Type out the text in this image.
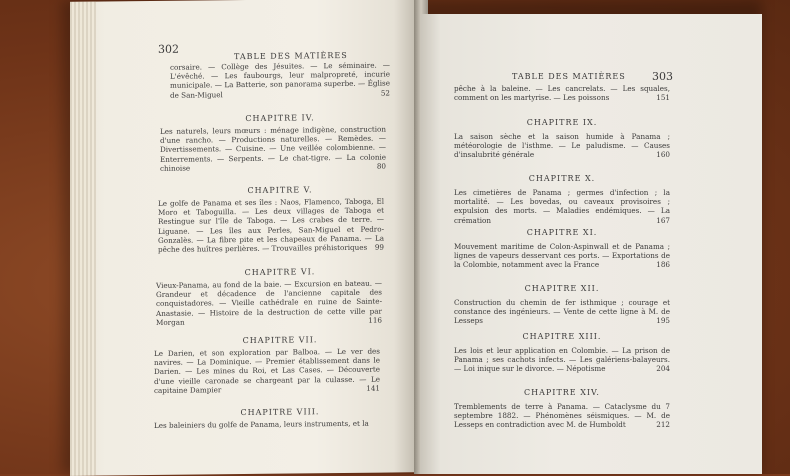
302
TABLE DES MATIÈRES
corsaire. — Collège des Jésuites. — Le séminaire. — L'évêché. — Les faubourgs, leur malpropreté, incurie municipale. — La Batterie, son panorama superbe. — Église de San-Miguel	52
CHAPITRE IV.
Les naturels, leurs mœurs : ménage indigène, construction d'une rancho. — Productions naturelles. — Remèdes. — Divertissements. — Cuisine. — Une veillée colombienne. — Enterrements. — Serpents. — Le chat-tigre. — La colonie chinoise	80
CHAPITRE V.
Le golfe de Panama et ses îles : Naos, Flamenco, Taboga, El Moro et Taboguilla. — Les deux villages de Taboga et Restingue sur l'île de Taboga. — Les crabes de terre. — Liguane. — Les îles aux Perles, San-Miguel et Pedro-Gonzalès. — La fibre pite et les chapeaux de Panama. — La pêche des huîtres perlières. — Trouvailles préhistoriques 99
CHAPITRE VI.
Vieux-Panama, au fond de la baie. — Excursion en bateau. — Grandeur et décadence de l'ancienne capitale des conquistadores. — Vieille cathédrale en ruine de Sainte-Anastasie. — Histoire de la destruction de cette ville par Morgan	116
CHAPITRE VII.
Le Darien, et son exploration par Balboa. — Le ver des navires. — La Dominique. — Premier établissement dans le Darien. — Les mines du Roi, et Las Cases. — Découverte d'une vieille caronade se chargeant par la culasse. — Le capitaine Dampier	141
CHAPITRE VIII.
Les baleiniers du golfe de Panama, leurs instruments, et la
TABLE DES MATIÈRES 303
pêche à la baleine. — Les cancrelats. — Les squales, comment on les martyrise. — Les poissons	151
CHAPITRE IX.
La saison sèche et la saison humide à Panama ; météorologie de l'isthme. — Le paludisme. — Causes d'insalubrité générale	160
CHAPITRE X.
Les cimetières de Panama ; germes d'infection ; la mortalité. — Les bovedas, ou caveaux provisoires ; expulsion des morts. — Maladies endémiques. — La crémation	167
CHAPITRE XI.
Mouvement maritime de Colon-Aspinwall et de Panama ; lignes de vapeurs desservant ces ports. — Exportations de la Colombie, notamment avec la France	186
CHAPITRE XII.
Construction du chemin de fer isthmique ; courage et constance des ingénieurs. — Vente de cette ligne à M. de Lesseps	195
CHAPITRE XIII.
Les lois et leur application en Colombie. — La prison de Panama ; ses cachots infects. — Les galériens-balayeurs. — Loi inique sur le divorce. — Népotisme	204
CHAPITRE XIV.
Tremblements de terre à Panama. — Cataclysme du 7 septembre 1882. — Phénomènes séismiques. — M. de Lesseps en contradiction avec M. de Humboldt	212
